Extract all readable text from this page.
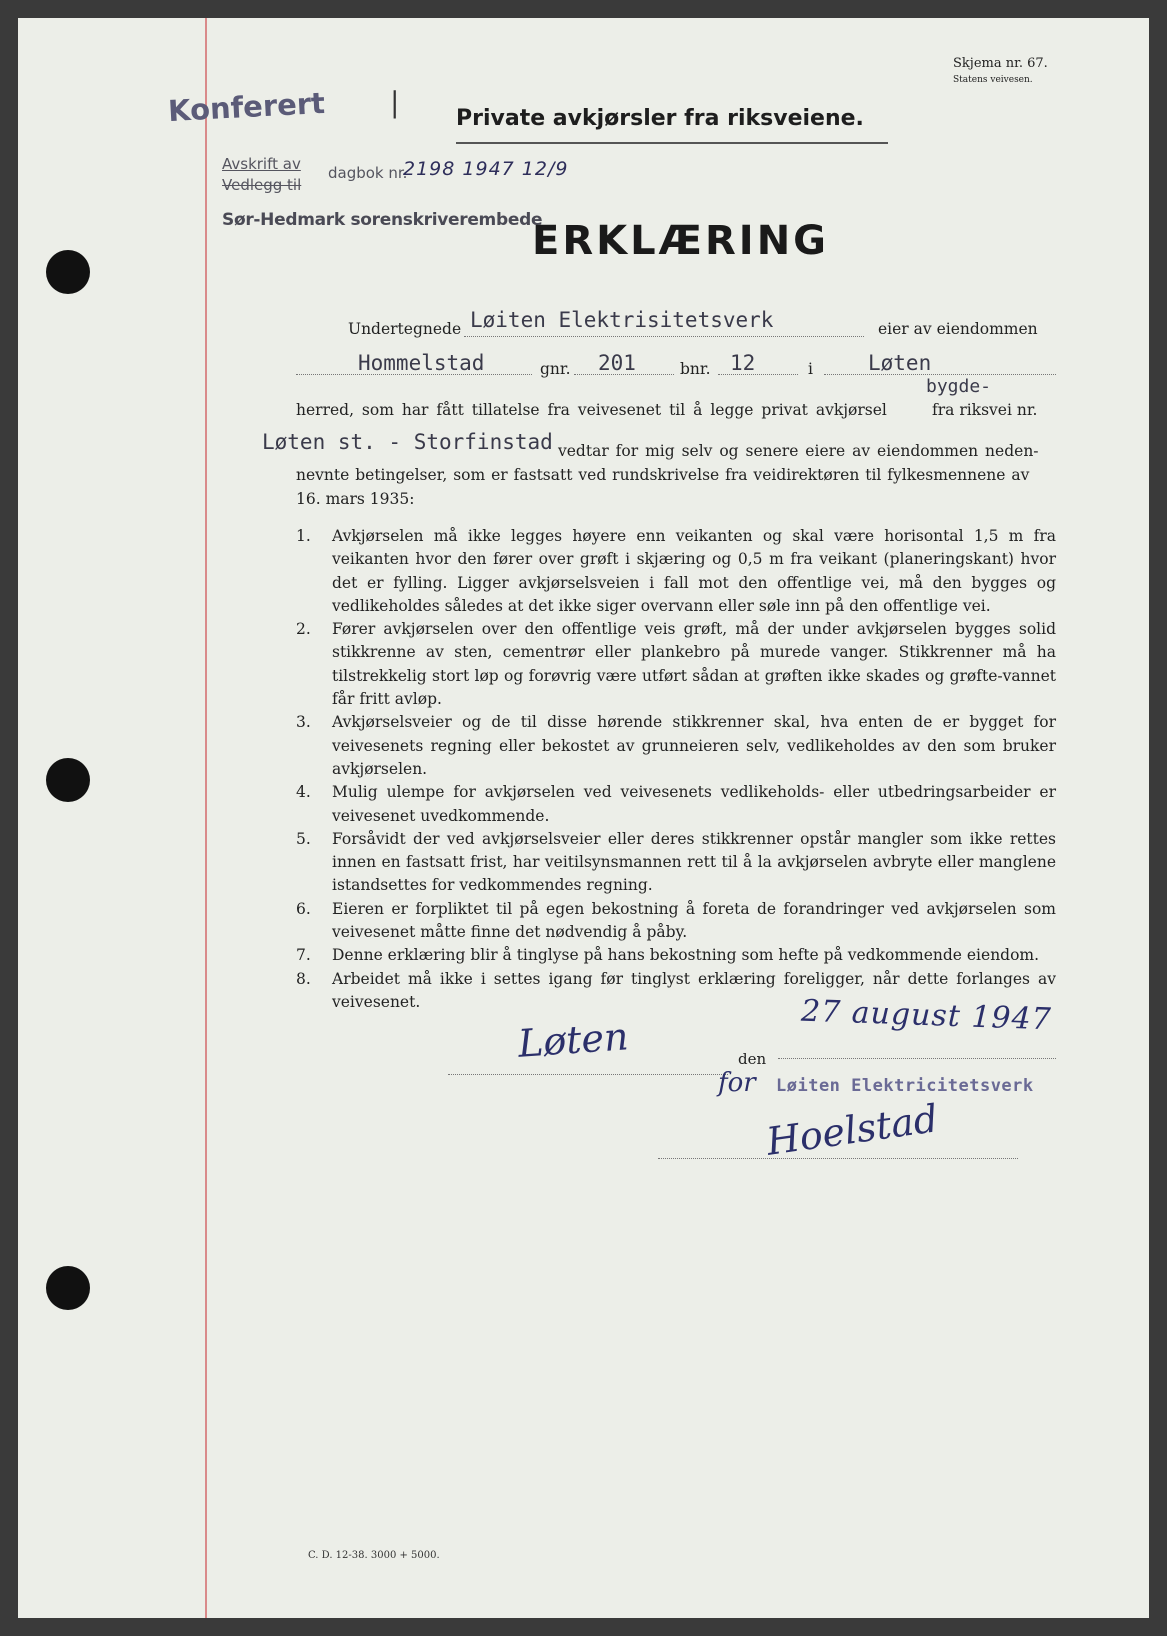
Skjema nr. 67.
Statens veivesen.
Konferert |	Private avkjørsler fra riksveiene.
Avskrift av
Vedlegg til
dagbok nr.
2198 1947 12/9
Sør-Hedmark sorenskriverembede
ERKLÆRING
Undertegnede Løiten Elektrisitetsverk	eier av eiendommen
Hommelstad	gnr. 201	bnr. 12	i	Løten
herred, som har fått tillatelse fra veivesenet til å legge privat avkjørsel
bygde-
fra riksvei nr.
Løten st. - Storfinstad vedtar for mig selv og senere eiere av eiendommen neden-
nevnte betingelser, som er fastsatt ved rundskrivelse fra veidirektøren til fylkesmennene av
16. mars 1935:
1. Avkjørselen må ikke legges høyere enn veikanten og skal være horisontal 1,5 m fra veikanten hvor den fører over grøft i skjæring og 0,5 m fra veikant (planeringskant) hvor det er fylling. Ligger avkjørselsveien i fall mot den offentlige vei, må den bygges og vedlikeholdes således at det ikke siger overvann eller søle inn på den offentlige vei.
2. Fører avkjørselen over den offentlige veis grøft, må der under avkjørselen bygges solid stikkrenne av sten, cementrør eller plankebro på murede vanger. Stikkrenner må ha tilstrekkelig stort løp og forøvrig være utført sådan at grøften ikke skades og grøfte-vannet får fritt avløp.
3. Avkjørselsveier og de til disse hørende stikkrenner skal, hva enten de er bygget for veivesenets regning eller bekostet av grunneieren selv, vedlikeholdes av den som bruker avkjørselen.
4. Mulig ulempe for avkjørselen ved veivesenets vedlikeholds- eller utbedringsarbeider er veivesenet uvedkommende.
5. Forsåvidt der ved avkjørselsveier eller deres stikkrenner opstår mangler som ikke rettes innen en fastsatt frist, har veitilsynsmannen rett til å la avkjørselen avbryte eller manglene istandsettes for vedkommendes regning.
6. Eieren er forpliktet til på egen bekostning å foreta de forandringer ved avkjørselen som veivesenet måtte finne det nødvendig å påby.
7. Denne erklæring blir å tinglyse på hans bekostning som hefte på vedkommende eiendom.
8. Arbeidet må ikke i settes igang før tinglyst erklæring foreligger, når dette forlanges av veivesenet.
Løten	den
27 august 1947
for Løiten Elektricitetsverk
Hoelstad
C. D. 12-38. 3000 + 5000.
